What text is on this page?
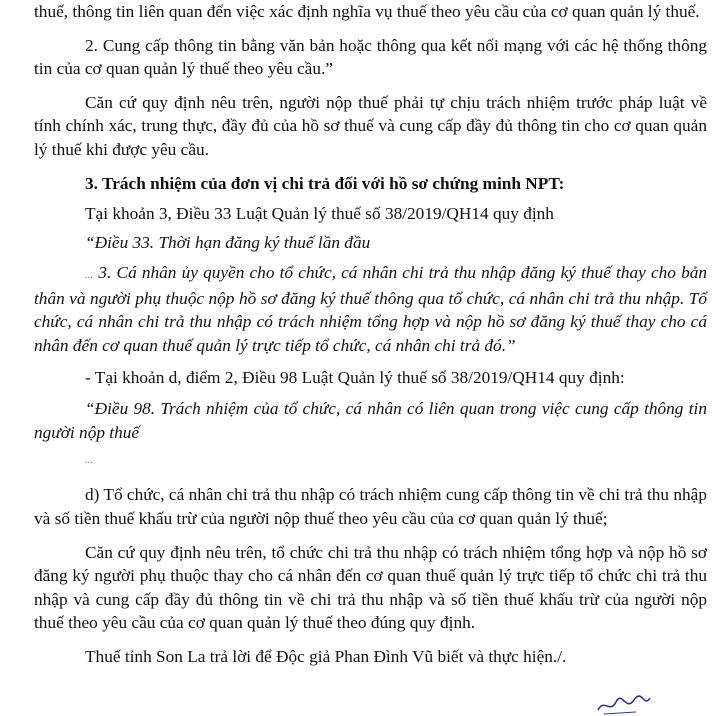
thuế, thông tin liên quan đến việc xác định nghĩa vụ thuế theo yêu cầu của cơ quan quản lý thuế.

2. Cung cấp thông tin bằng văn bản hoặc thông qua kết nối mạng với các hệ thống thông tin của cơ quan quản lý thuế theo yêu cầu.”

Căn cứ quy định nêu trên, người nộp thuế phải tự chịu trách nhiệm trước pháp luật về tính chính xác, trung thực, đầy đủ của hồ sơ thuế và cung cấp đầy đủ thông tin cho cơ quan quản lý thuế khi được yêu cầu.

3. Trách nhiệm của đơn vị chi trả đối với hồ sơ chứng minh NPT:

Tại khoản 3, Điều 33 Luật Quản lý thuế số 38/2019/QH14 quy định

“Điều 33. Thời hạn đăng ký thuế lần đầu

... 3. Cá nhân ủy quyền cho tổ chức, cá nhân chi trả thu nhập đăng ký thuế thay cho bản thân và người phụ thuộc nộp hồ sơ đăng ký thuế thông qua tổ chức, cá nhân chi trả thu nhập. Tổ chức, cá nhân chi trả thu nhập có trách nhiệm tổng hợp và nộp hồ sơ đăng ký thuế thay cho cá nhân đến cơ quan thuế quản lý trực tiếp tổ chức, cá nhân chi trả đó.”

- Tại khoản d, điểm 2, Điều 98 Luật Quản lý thuế số 38/2019/QH14 quy định:

“Điều 98. Trách nhiệm của tổ chức, cá nhân có liên quan trong việc cung cấp thông tin người nộp thuế

...

d) Tổ chức, cá nhân chi trả thu nhập có trách nhiệm cung cấp thông tin về chi trả thu nhập và số tiền thuế khấu trừ của người nộp thuế theo yêu cầu của cơ quan quản lý thuế;

Căn cứ quy định nêu trên, tổ chức chi trả thu nhập có trách nhiệm tổng hợp và nộp hồ sơ đăng ký người phụ thuộc thay cho cá nhân đến cơ quan thuế quản lý trực tiếp tổ chức chi trả thu nhập và cung cấp đầy đủ thông tin về chi trả thu nhập và số tiền thuế khấu trừ của người nộp thuế theo yêu cầu của cơ quan quản lý thuế theo đúng quy định.

Thuế tỉnh Son La trả lời để Độc giả Phan Đình Vũ biết và thực hiện./.
